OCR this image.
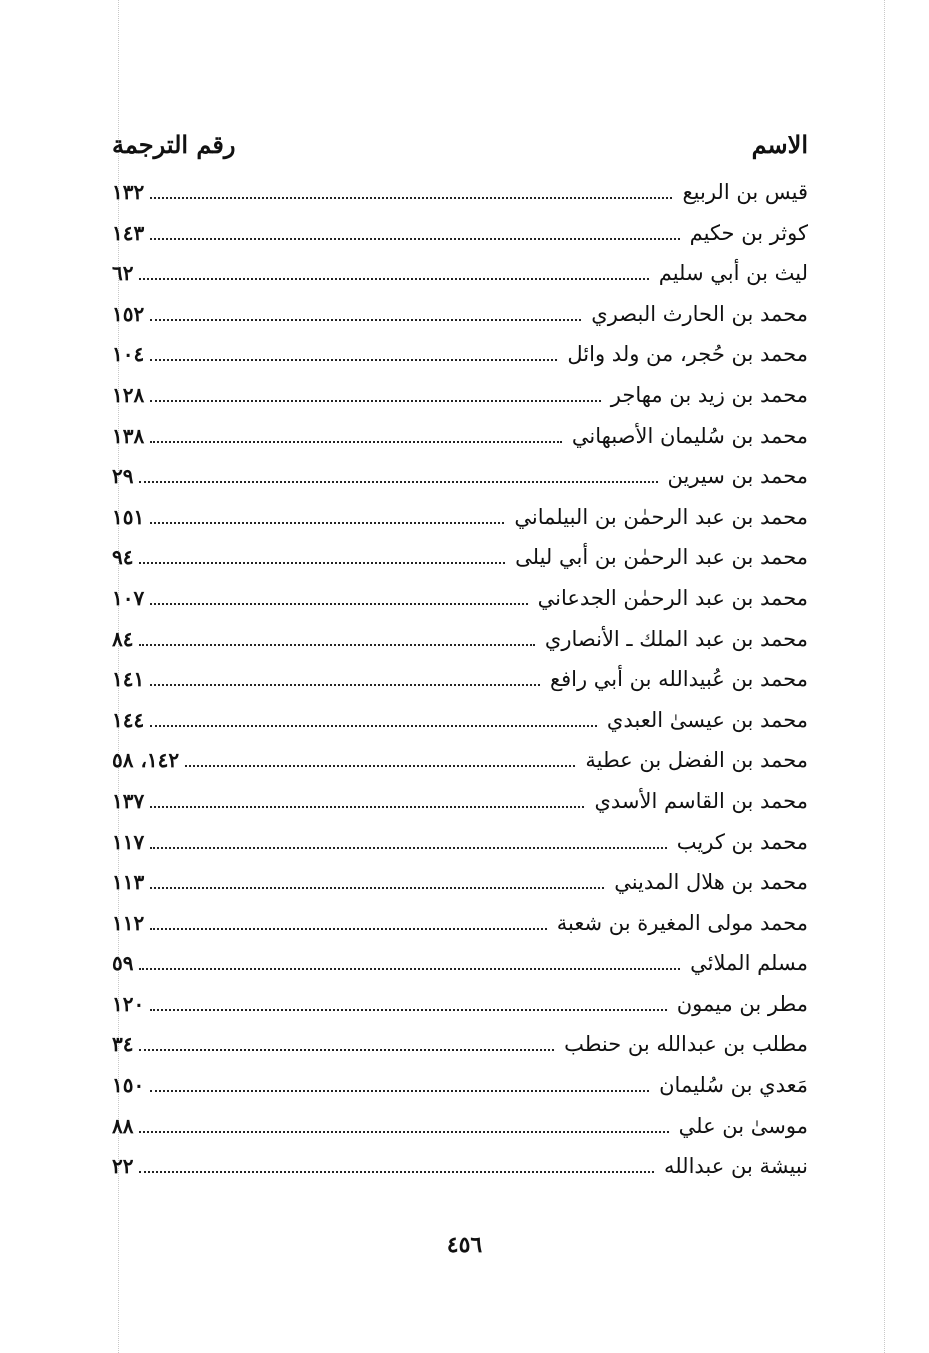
الاسم
رقم الترجمة
قيس بن الربيع
١٣٢
كوثر بن حكيم
١٤٣
ليث بن أبي سليم
٦٢
محمد بن الحارث البصري
١٥٢
محمد بن حُجر، من ولد وائل
١٠٤
محمد بن زيد بن مهاجر
١٢٨
محمد بن سُليمان الأصبهاني
١٣٨
محمد بن سيرين
٢٩
محمد بن عبد الرحمٰن بن البيلماني
١٥١
محمد بن عبد الرحمٰن بن أبي ليلى
٩٤
محمد بن عبد الرحمٰن الجدعاني
١٠٧
محمد بن عبد الملك ـ الأنصاري
٨٤
محمد بن عُبيدالله بن أبي رافع
١٤١
محمد بن عيسىٰ العبدي
١٤٤
محمد بن الفضل بن عطية
١٤٢، ٥٨
محمد بن القاسم الأسدي
١٣٧
محمد بن كريب
١١٧
محمد بن هلال المديني
١١٣
محمد مولى المغيرة بن شعبة
١١٢
مسلم الملائي
٥٩
مطر بن ميمون
١٢٠
مطلب بن عبدالله بن حنطب
٣٤
مَعدي بن سُليمان
١٥٠
موسىٰ بن علي
٨٨
نبيشة بن عبدالله
٢٢
٤٥٦
